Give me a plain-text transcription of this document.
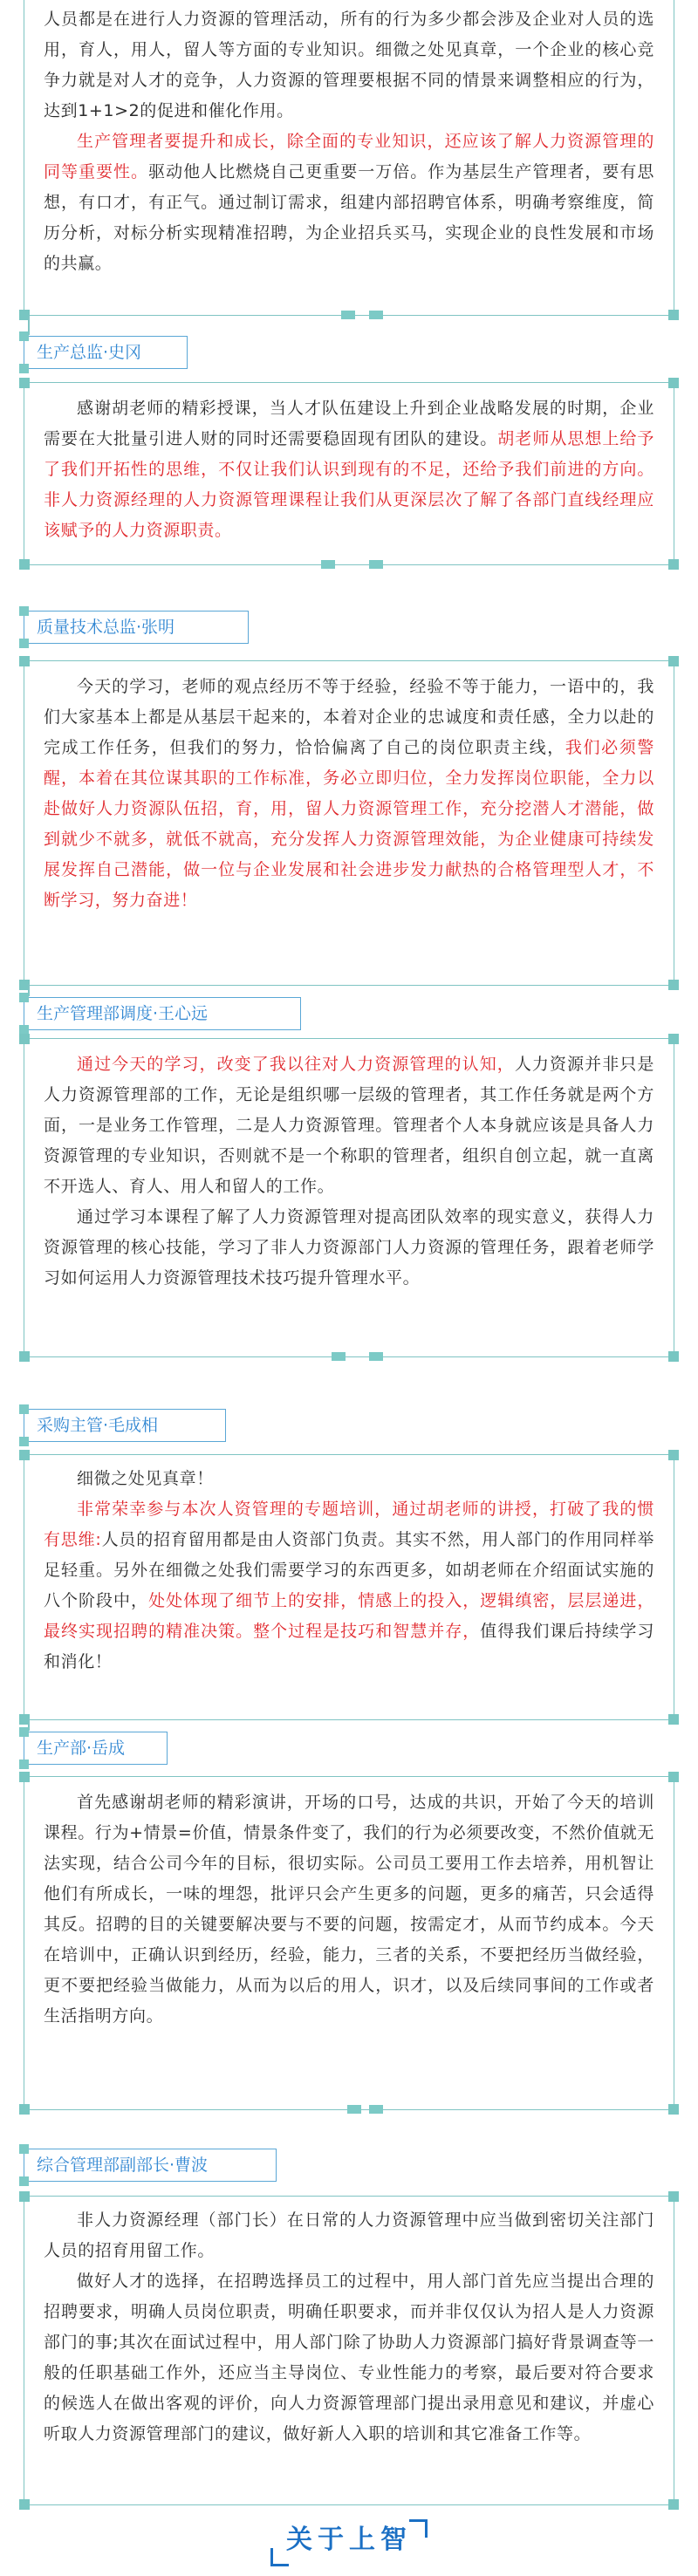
人员都是在进行人力资源的管理活动，所有的行为多少都会涉及企业对人员的选用，育人，用人，留人等方面的专业知识。细微之处见真章，一个企业的核心竞争力就是对人才的竞争，人力资源的管理要根据不同的情景来调整相应的行为，达到1+1>2的促进和催化作用。

生产管理者要提升和成长，除全面的专业知识，还应该了解人力资源管理的同等重要性。驱动他人比燃烧自己更重要一万倍。作为基层生产管理者，要有思想，有口才，有正气。通过制订需求，组建内部招聘官体系，明确考察维度，简历分析，对标分析实现精准招聘，为企业招兵买马，实现企业的良性发展和市场的共赢。

生产总监·史冈

感谢胡老师的精彩授课，当人才队伍建设上升到企业战略发展的时期，企业需要在大批量引进人财的同时还需要稳固现有团队的建设。胡老师从思想上给予了我们开拓性的思维，不仅让我们认识到现有的不足，还给予我们前进的方向。非人力资源经理的人力资源管理课程让我们从更深层次了解了各部门直线经理应该赋予的人力资源职责。

质量技术总监·张明

今天的学习，老师的观点经历不等于经验，经验不等于能力，一语中的，我们大家基本上都是从基层干起来的，本着对企业的忠诚度和责任感，全力以赴的完成工作任务，但我们的努力，恰恰偏离了自己的岗位职责主线，我们必须警醒，本着在其位谋其职的工作标准，务必立即归位，全力发挥岗位职能，全力以赴做好人力资源队伍招，育，用，留人力资源管理工作，充分挖潜人才潜能，做到就少不就多，就低不就高，充分发挥人力资源管理效能，为企业健康可持续发展发挥自己潜能，做一位与企业发展和社会进步发力献热的合格管理型人才，不断学习，努力奋进！

生产管理部调度·王心远

通过今天的学习，改变了我以往对人力资源管理的认知，人力资源并非只是人力资源管理部的工作，无论是组织哪一层级的管理者，其工作任务就是两个方面，一是业务工作管理，二是人力资源管理。管理者个人本身就应该是具备人力资源管理的专业知识，否则就不是一个称职的管理者，组织自创立起，就一直离不开选人、育人、用人和留人的工作。

通过学习本课程了解了人力资源管理对提高团队效率的现实意义，获得人力资源管理的核心技能，学习了非人力资源部门人力资源的管理任务，跟着老师学习如何运用人力资源管理技术技巧提升管理水平。

采购主管·毛成相

细微之处见真章！

非常荣幸参与本次人资管理的专题培训，通过胡老师的讲授，打破了我的惯有思维:人员的招育留用都是由人资部门负责。其实不然，用人部门的作用同样举足轻重。另外在细微之处我们需要学习的东西更多，如胡老师在介绍面试实施的八个阶段中，处处体现了细节上的安排，情感上的投入，逻辑缜密，层层递进，最终实现招聘的精准决策。整个过程是技巧和智慧并存，值得我们课后持续学习和消化！

生产部·岳成

首先感谢胡老师的精彩演讲，开场的口号，达成的共识，开始了今天的培训课程。行为+情景=价值，情景条件变了，我们的行为必须要改变，不然价值就无法实现，结合公司今年的目标，很切实际。公司员工要用工作去培养，用机智让他们有所成长，一味的埋怨，批评只会产生更多的问题，更多的痛苦，只会适得其反。招聘的目的关键要解决要与不要的问题，按需定才，从而节约成本。今天在培训中，正确认识到经历，经验，能力，三者的关系，不要把经历当做经验，更不要把经验当做能力，从而为以后的用人，识才，以及后续同事间的工作或者生活指明方向。

综合管理部副部长·曹波

非人力资源经理（部门长）在日常的人力资源管理中应当做到密切关注部门人员的招育用留工作。

做好人才的选择，在招聘选择员工的过程中，用人部门首先应当提出合理的招聘要求，明确人员岗位职责，明确任职要求，而并非仅仅认为招人是人力资源部门的事;其次在面试过程中，用人部门除了协助人力资源部门搞好背景调查等一般的任职基础工作外，还应当主导岗位、专业性能力的考察，最后要对符合要求的候选人在做出客观的评价，向人力资源管理部门提出录用意见和建议，并虚心听取人力资源管理部门的建议，做好新人入职的培训和其它准备工作等。

关于上智
